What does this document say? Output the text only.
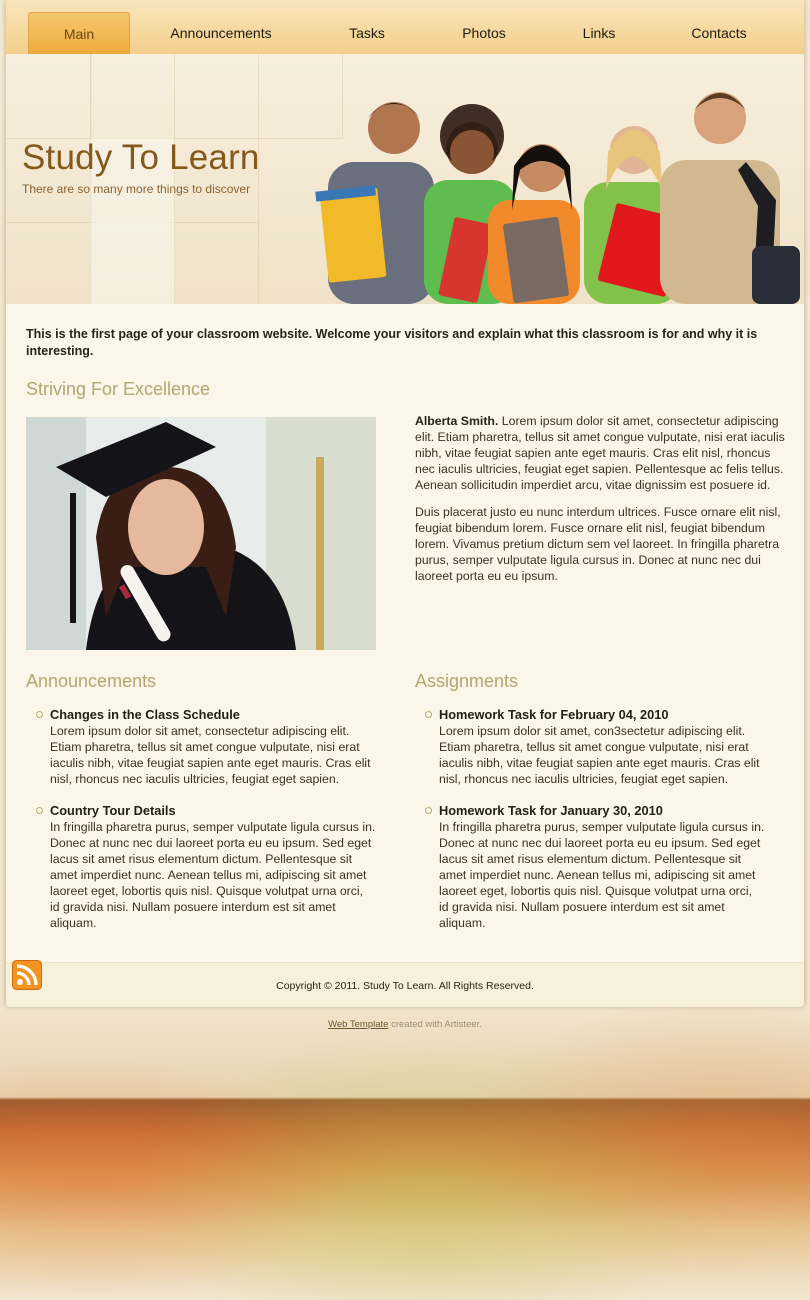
Main	Announcements	Tasks	Photos	Links	Contacts
Study To Learn
There are so many more things to discover
This is the first page of your classroom website. Welcome your visitors and explain what this classroom is for and why it is interesting.
Striving For Excellence

Alberta Smith. Lorem ipsum dolor sit amet, consectetur adipiscing elit. Etiam pharetra, tellus sit amet congue vulputate, nisi erat iaculis nibh, vitae feugiat sapien ante eget mauris. Cras elit nisl, rhoncus nec iaculis ultricies, feugiat eget sapien. Pellentesque ac felis tellus. Aenean sollicitudin imperdiet arcu, vitae dignissim est posuere id.

Duis placerat justo eu nunc interdum ultrices. Fusce ornare elit nisl, feugiat bibendum lorem. Fusce ornare elit nisl, feugiat bibendum lorem. Vivamus pretium dictum sem vel laoreet. In fringilla pharetra purus, semper vulputate ligula cursus in. Donec at nunc nec dui laoreet porta eu eu ipsum.

Announcements
Changes in the Class Schedule
Lorem ipsum dolor sit amet, consectetur adipiscing elit. Etiam pharetra, tellus sit amet congue vulputate, nisi erat iaculis nibh, vitae feugiat sapien ante eget mauris. Cras elit nisl, rhoncus nec iaculis ultricies, feugiat eget sapien.
Country Tour Details
In fringilla pharetra purus, semper vulputate ligula cursus in. Donec at nunc nec dui laoreet porta eu eu ipsum. Sed eget lacus sit amet risus elementum dictum. Pellentesque sit amet imperdiet nunc. Aenean tellus mi, adipiscing sit amet laoreet eget, lobortis quis nisl. Quisque volutpat urna orci, id gravida nisi. Nullam posuere interdum est sit amet aliquam.
Assignments
Homework Task for February 04, 2010
Lorem ipsum dolor sit amet, con3sectetur adipiscing elit. Etiam pharetra, tellus sit amet congue vulputate, nisi erat iaculis nibh, vitae feugiat sapien ante eget mauris. Cras elit nisl, rhoncus nec iaculis ultricies, feugiat eget sapien.
Homework Task for January 30, 2010
In fringilla pharetra purus, semper vulputate ligula cursus in. Donec at nunc nec dui laoreet porta eu eu ipsum. Sed eget lacus sit amet risus elementum dictum. Pellentesque sit amet imperdiet nunc. Aenean tellus mi, adipiscing sit amet laoreet eget, lobortis quis nisl. Quisque volutpat urna orci, id gravida nisi. Nullam posuere interdum est sit amet aliquam.
Copyright © 2011. Study To Learn. All Rights Reserved.
Web Template created with Artisteer.
